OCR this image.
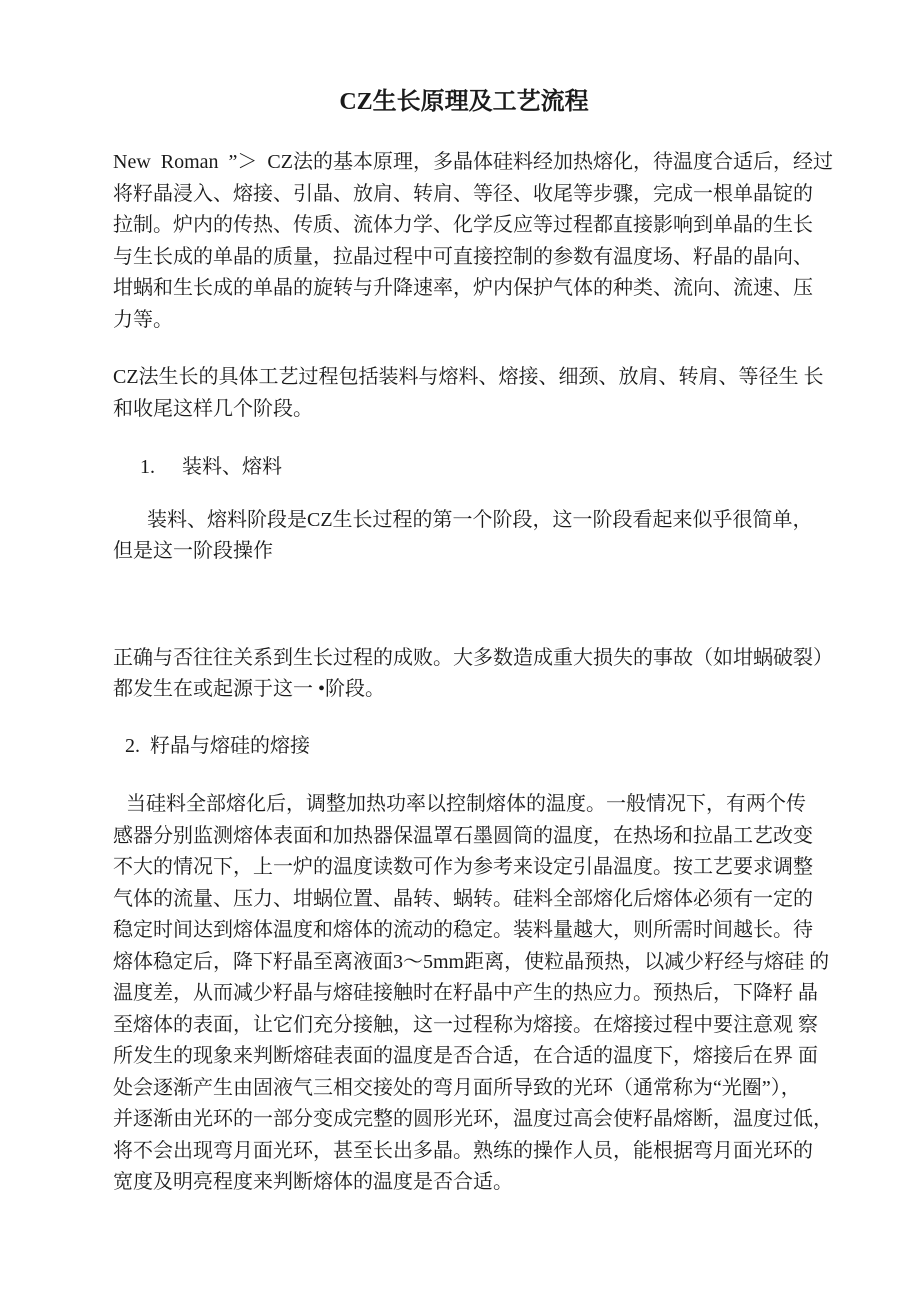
CZ生长原理及工艺流程
New  Roman  ”＞  CZ法的基本原理，多晶体硅料经加热熔化，待温度合适后，经过
将籽晶浸入、熔接、引晶、放肩、转肩、等径、收尾等步骤，完成一根单晶锭的
拉制。炉内的传热、传质、流体力学、化学反应等过程都直接影响到单晶的生长
与生长成的单晶的质量，拉晶过程中可直接控制的参数有温度场、籽晶的晶向、
坩蜗和生长成的单晶的旋转与升降速率，炉内保护气体的种类、流向、流速、压
力等。
CZ法生长的具体工艺过程包括装料与熔料、熔接、细颈、放肩、转肩、等径生 长
和收尾这样几个阶段。
1. 装料、熔料
装料、熔料阶段是CZ生长过程的第一个阶段，这一阶段看起来似乎很简单，
但是这一阶段操作
正确与否往往关系到生长过程的成败。大多数造成重大损失的事故（如坩蜗破裂）
都发生在或起源于这一 •阶段。
2. 籽晶与熔硅的熔接
当硅料全部熔化后，调整加热功率以控制熔体的温度。一般情况下，有两个传
感器分别监测熔体表面和加热器保温罩石墨圆筒的温度，在热场和拉晶工艺改变
不大的情况下，上一炉的温度读数可作为参考来设定引晶温度。按工艺要求调整
气体的流量、压力、坩蜗位置、晶转、蜗转。硅料全部熔化后熔体必须有一定的
稳定时间达到熔体温度和熔体的流动的稳定。装料量越大，则所需时间越长。待
熔体稳定后，降下籽晶至离液面3～5mm距离，使粒晶预热，以减少籽经与熔硅 的
温度差，从而减少籽晶与熔硅接触时在籽晶中产生的热应力。预热后，下降籽 晶
至熔体的表面，让它们充分接触，这一过程称为熔接。在熔接过程中要注意观 察
所发生的现象来判断熔硅表面的温度是否合适，在合适的温度下，熔接后在界 面
处会逐渐产生由固液气三相交接处的弯月面所导致的光环（通常称为“光圈”），
并逐渐由光环的一部分变成完整的圆形光环，温度过高会使籽晶熔断，温度过低，
将不会出现弯月面光环，甚至长出多晶。熟练的操作人员，能根据弯月面光环的
宽度及明亮程度来判断熔体的温度是否合适。
